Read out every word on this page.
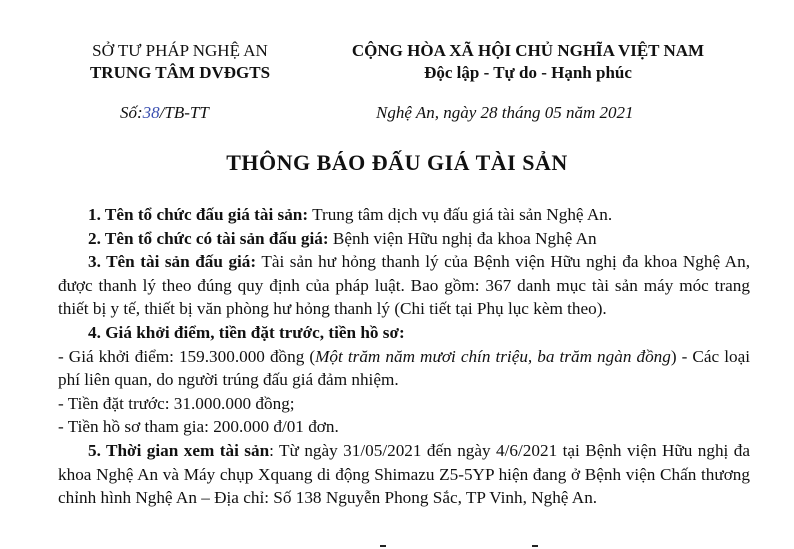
SỞ TƯ PHÁP NGHỆ AN
TRUNG TÂM DVĐGTS
CỘNG HÒA XÃ HỘI CHỦ NGHĨA VIỆT NAM
Độc lập - Tự do - Hạnh phúc
Số:38/TB-TT	Nghệ An, ngày 28 tháng 05 năm 2021
THÔNG BÁO ĐẤU GIÁ TÀI SẢN

1. Tên tổ chức đấu giá tài sản: Trung tâm dịch vụ đấu giá tài sản Nghệ An.

2. Tên tổ chức có tài sản đấu giá: Bệnh viện Hữu nghị đa khoa Nghệ An

3. Tên tài sản đấu giá: Tài sản hư hỏng thanh lý của Bệnh viện Hữu nghị đa khoa Nghệ An, được thanh lý theo đúng quy định của pháp luật. Bao gồm: 367 danh mục tài sản máy móc trang thiết bị y tế, thiết bị văn phòng hư hỏng thanh lý (Chi tiết tại Phụ lục kèm theo).

4. Giá khởi điểm, tiền đặt trước, tiền hồ sơ:

- Giá khởi điểm: 159.300.000 đồng (Một trăm năm mươi chín triệu, ba trăm ngàn đồng) - Các loại phí liên quan, do người trúng đấu giá đảm nhiệm.

- Tiền đặt trước: 31.000.000 đồng;

- Tiền hồ sơ tham gia: 200.000 đ/01 đơn.

5. Thời gian xem tài sản: Từ ngày 31/05/2021 đến ngày 4/6/2021 tại Bệnh viện Hữu nghị đa khoa Nghệ An và Máy chụp Xquang di động Shimazu Z5-5YP hiện đang ở Bệnh viện Chấn thương chỉnh hình Nghệ An – Địa chỉ: Số 138 Nguyễn Phong Sắc, TP Vinh, Nghệ An.
